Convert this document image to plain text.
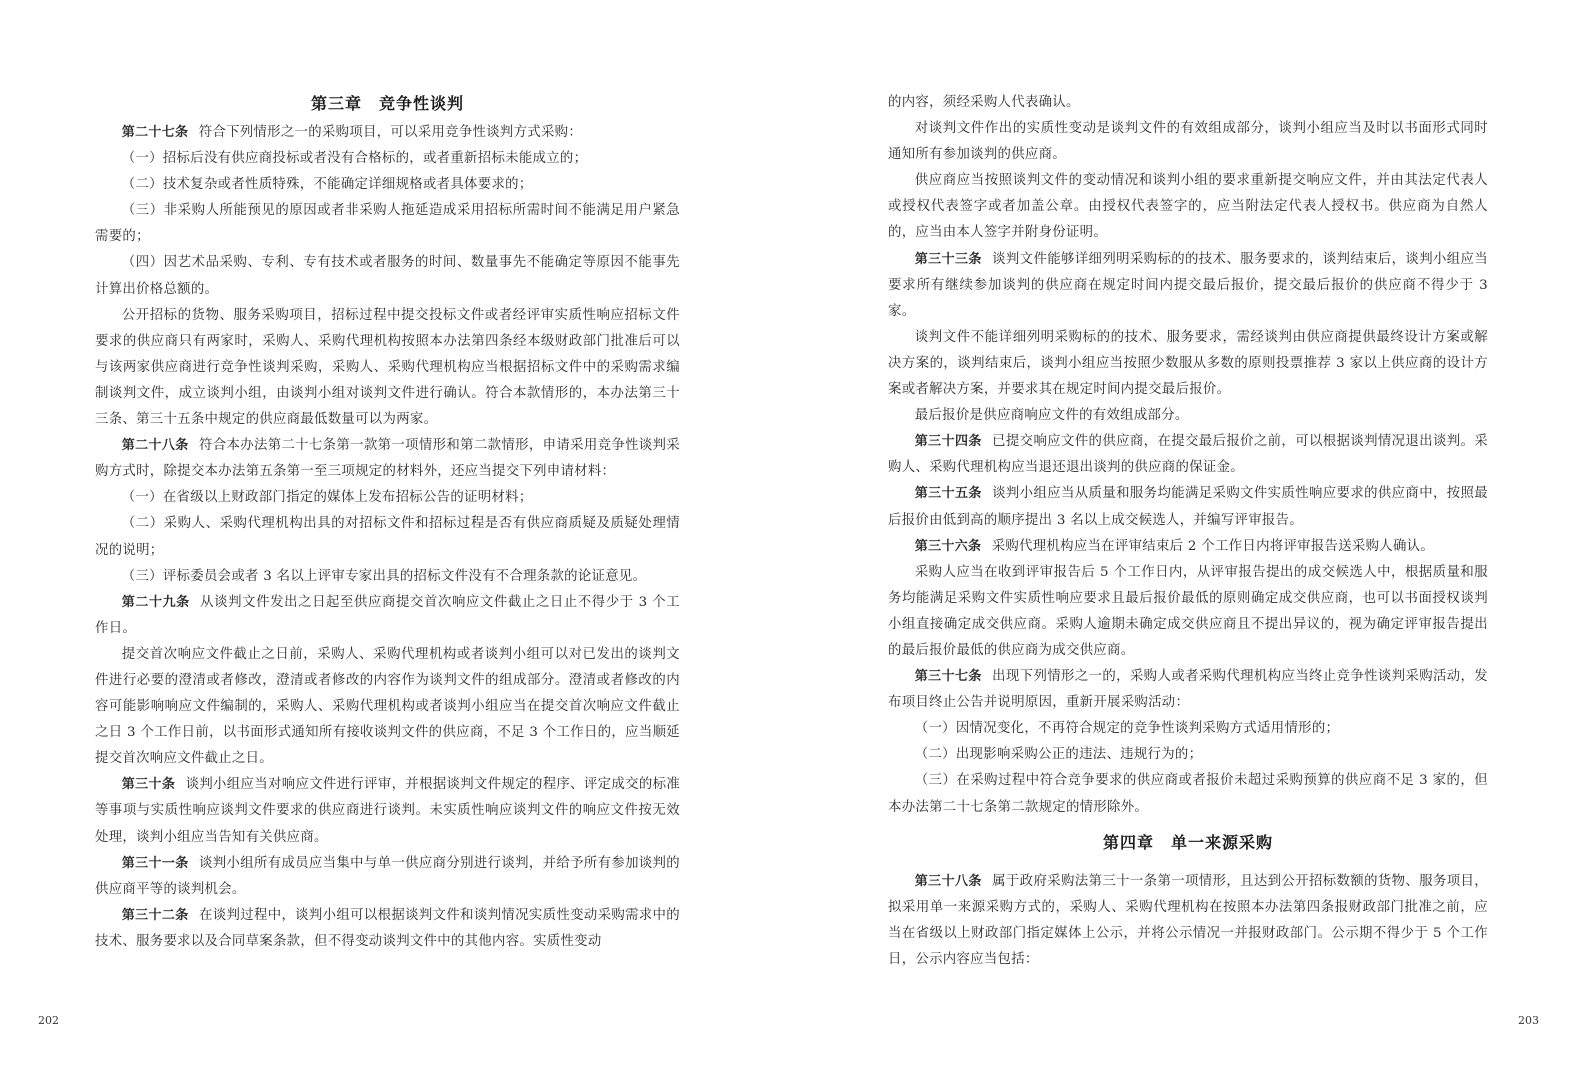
第三章　竞争性谈判

第二十七条 符合下列情形之一的采购项目，可以采用竞争性谈判方式采购：

（一）招标后没有供应商投标或者没有合格标的，或者重新招标未能成立的；

（二）技术复杂或者性质特殊，不能确定详细规格或者具体要求的；

（三）非采购人所能预见的原因或者非采购人拖延造成采用招标所需时间不能满足用户紧急需要的；

（四）因艺术品采购、专利、专有技术或者服务的时间、数量事先不能确定等原因不能事先计算出价格总额的。

公开招标的货物、服务采购项目，招标过程中提交投标文件或者经评审实质性响应招标文件要求的供应商只有两家时，采购人、采购代理机构按照本办法第四条经本级财政部门批准后可以与该两家供应商进行竞争性谈判采购，采购人、采购代理机构应当根据招标文件中的采购需求编制谈判文件，成立谈判小组，由谈判小组对谈判文件进行确认。符合本款情形的，本办法第三十三条、第三十五条中规定的供应商最低数量可以为两家。

第二十八条 符合本办法第二十七条第一款第一项情形和第二款情形，申请采用竞争性谈判采购方式时，除提交本办法第五条第一至三项规定的材料外，还应当提交下列申请材料：

（一）在省级以上财政部门指定的媒体上发布招标公告的证明材料；

（二）采购人、采购代理机构出具的对招标文件和招标过程是否有供应商质疑及质疑处理情况的说明；

（三）评标委员会或者 3 名以上评审专家出具的招标文件没有不合理条款的论证意见。

第二十九条 从谈判文件发出之日起至供应商提交首次响应文件截止之日止不得少于 3 个工作日。

提交首次响应文件截止之日前，采购人、采购代理机构或者谈判小组可以对已发出的谈判文件进行必要的澄清或者修改，澄清或者修改的内容作为谈判文件的组成部分。澄清或者修改的内容可能影响响应文件编制的，采购人、采购代理机构或者谈判小组应当在提交首次响应文件截止之日 3 个工作日前，以书面形式通知所有接收谈判文件的供应商，不足 3 个工作日的，应当顺延提交首次响应文件截止之日。

第三十条 谈判小组应当对响应文件进行评审，并根据谈判文件规定的程序、评定成交的标准等事项与实质性响应谈判文件要求的供应商进行谈判。未实质性响应谈判文件的响应文件按无效处理，谈判小组应当告知有关供应商。

第三十一条 谈判小组所有成员应当集中与单一供应商分别进行谈判，并给予所有参加谈判的供应商平等的谈判机会。

第三十二条 在谈判过程中，谈判小组可以根据谈判文件和谈判情况实质性变动采购需求中的技术、服务要求以及合同草案条款，但不得变动谈判文件中的其他内容。实质性变动

202

的内容，须经采购人代表确认。

对谈判文件作出的实质性变动是谈判文件的有效组成部分，谈判小组应当及时以书面形式同时通知所有参加谈判的供应商。

供应商应当按照谈判文件的变动情况和谈判小组的要求重新提交响应文件，并由其法定代表人或授权代表签字或者加盖公章。由授权代表签字的，应当附法定代表人授权书。供应商为自然人的，应当由本人签字并附身份证明。

第三十三条 谈判文件能够详细列明采购标的的技术、服务要求的，谈判结束后，谈判小组应当要求所有继续参加谈判的供应商在规定时间内提交最后报价，提交最后报价的供应商不得少于 3 家。

谈判文件不能详细列明采购标的的技术、服务要求，需经谈判由供应商提供最终设计方案或解决方案的，谈判结束后，谈判小组应当按照少数服从多数的原则投票推荐 3 家以上供应商的设计方案或者解决方案，并要求其在规定时间内提交最后报价。

最后报价是供应商响应文件的有效组成部分。

第三十四条 已提交响应文件的供应商，在提交最后报价之前，可以根据谈判情况退出谈判。采购人、采购代理机构应当退还退出谈判的供应商的保证金。

第三十五条 谈判小组应当从质量和服务均能满足采购文件实质性响应要求的供应商中，按照最后报价由低到高的顺序提出 3 名以上成交候选人，并编写评审报告。

第三十六条 采购代理机构应当在评审结束后 2 个工作日内将评审报告送采购人确认。

采购人应当在收到评审报告后 5 个工作日内，从评审报告提出的成交候选人中，根据质量和服务均能满足采购文件实质性响应要求且最后报价最低的原则确定成交供应商，也可以书面授权谈判小组直接确定成交供应商。采购人逾期未确定成交供应商且不提出异议的，视为确定评审报告提出的最后报价最低的供应商为成交供应商。

第三十七条 出现下列情形之一的，采购人或者采购代理机构应当终止竞争性谈判采购活动，发布项目终止公告并说明原因，重新开展采购活动：

（一）因情况变化，不再符合规定的竞争性谈判采购方式适用情形的；

（二）出现影响采购公正的违法、违规行为的；

（三）在采购过程中符合竞争要求的供应商或者报价未超过采购预算的供应商不足 3 家的，但本办法第二十七条第二款规定的情形除外。

第四章　单一来源采购

第三十八条 属于政府采购法第三十一条第一项情形，且达到公开招标数额的货物、服务项目，拟采用单一来源采购方式的，采购人、采购代理机构在按照本办法第四条报财政部门批准之前，应当在省级以上财政部门指定媒体上公示，并将公示情况一并报财政部门。公示期不得少于 5 个工作日，公示内容应当包括：

203
